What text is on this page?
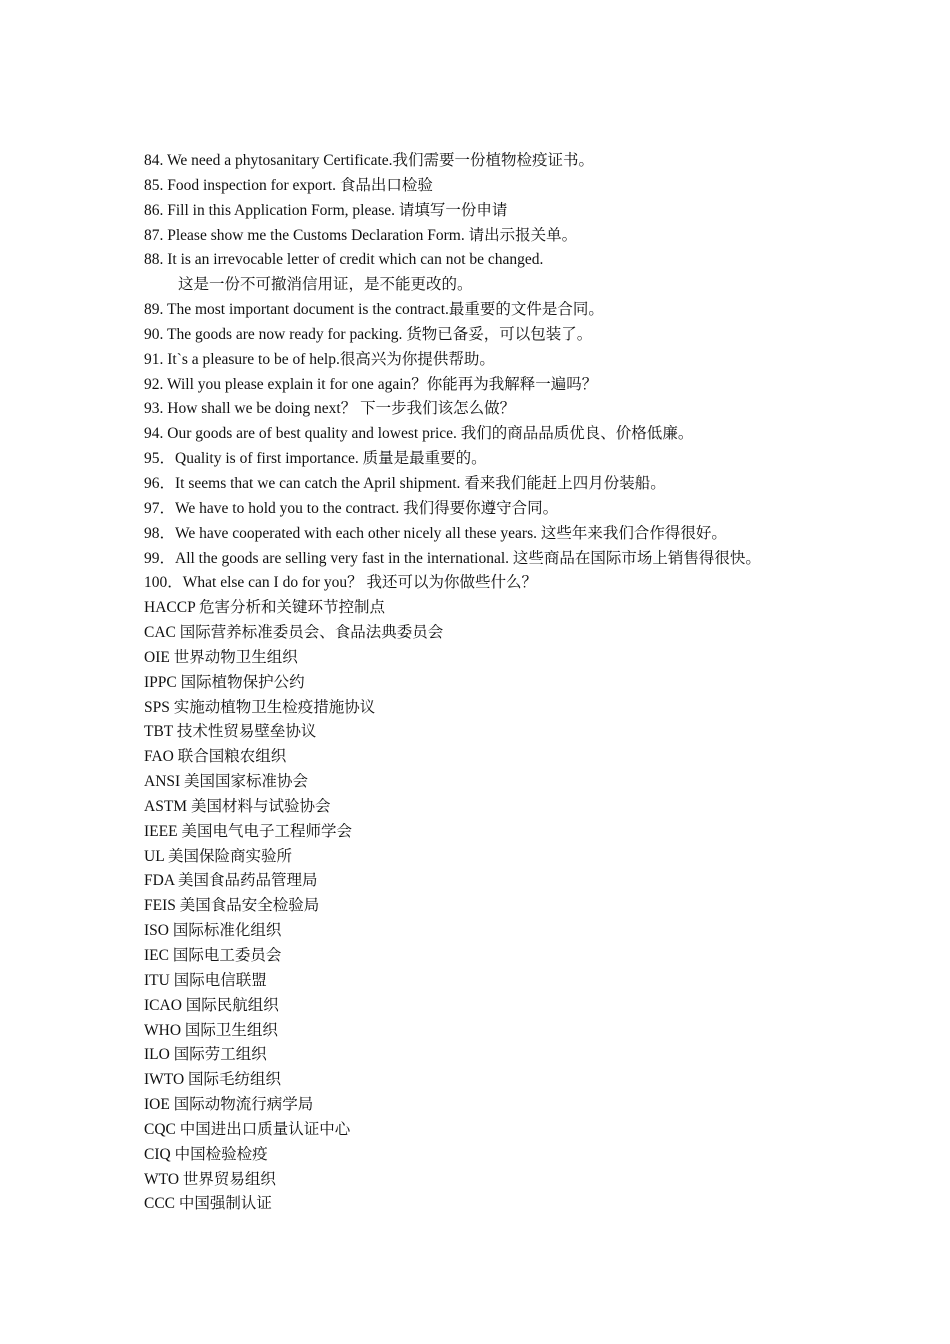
84. We need a phytosanitary Certificate.我们需要一份植物检疫证书。

85. Food inspection for export. 食品出口检验

86. Fill in this Application Form, please. 请填写一份申请

87. Please show me the Customs Declaration Form. 请出示报关单。

88. It is an irrevocable letter of credit which can not be changed.

这是一份不可撤消信用证，是不能更改的。

89. The most important document is the contract.最重要的文件是合同。

90. The goods are now ready for packing. 货物已备妥，可以包装了。

91. It`s a pleasure to be of help.很高兴为你提供帮助。

92. Will you please explain it for one again？你能再为我解释一遍吗？

93. How shall we be doing next？ 下一步我们该怎么做？

94. Our goods are of best quality and lowest price. 我们的商品品质优良、价格低廉。

95．Quality is of first importance. 质量是最重要的。

96．It seems that we can catch the April shipment. 看来我们能赶上四月份装船。

97．We have to hold you to the contract. 我们得要你遵守合同。

98．We have cooperated with each other nicely all these years. 这些年来我们合作得很好。

99．All the goods are selling very fast in the international. 这些商品在国际市场上销售得很快。

100．What else can I do for you？ 我还可以为你做些什么？

HACCP 危害分析和关键环节控制点

CAC 国际营养标准委员会、食品法典委员会

OIE 世界动物卫生组织

IPPC 国际植物保护公约

SPS 实施动植物卫生检疫措施协议

TBT 技术性贸易壁垒协议

FAO 联合国粮农组织

ANSI 美国国家标准协会

ASTM 美国材料与试验协会

IEEE 美国电气电子工程师学会

UL 美国保险商实验所

FDA 美国食品药品管理局

FEIS 美国食品安全检验局

ISO 国际标准化组织

IEC 国际电工委员会

ITU 国际电信联盟

ICAO 国际民航组织

WHO 国际卫生组织

ILO 国际劳工组织

IWTO 国际毛纺组织

IOE 国际动物流行病学局

CQC 中国进出口质量认证中心

CIQ 中国检验检疫

WTO 世界贸易组织

CCC 中国强制认证
